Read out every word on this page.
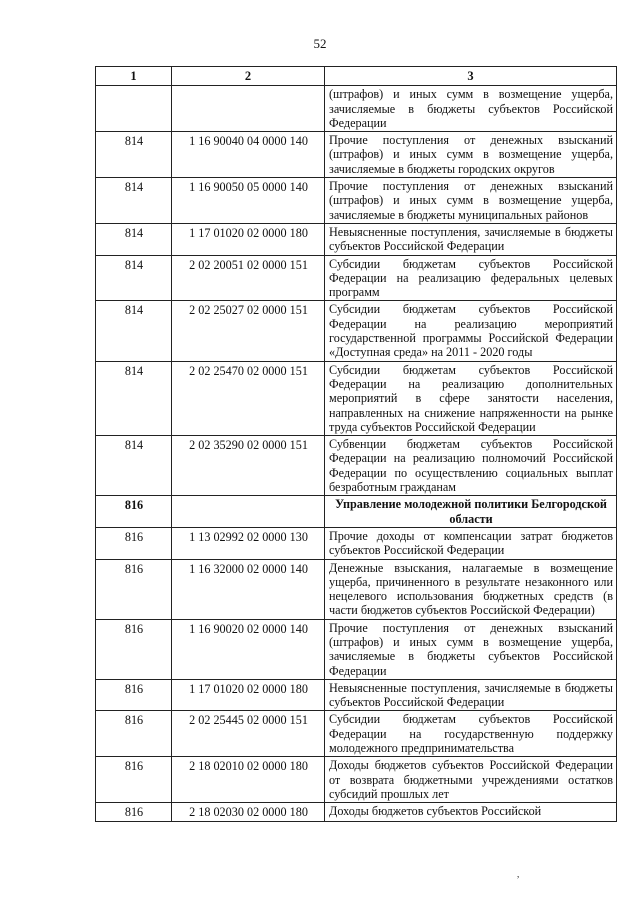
52
1	2	3
		(штрафов) и иных сумм в возмещение ущерба, зачисляемые в бюджеты субъектов Российской Федерации
814	1 16 90040 04 0000 140	Прочие поступления от денежных взысканий (штрафов) и иных сумм в возмещение ущерба, зачисляемые в бюджеты городских округов
814	1 16 90050 05 0000 140	Прочие поступления от денежных взысканий (штрафов) и иных сумм в возмещение ущерба, зачисляемые в бюджеты муниципальных районов
814	1 17 01020 02 0000 180	Невыясненные поступления, зачисляемые в бюджеты субъектов Российской Федерации
814	2 02 20051 02 0000 151	Субсидии бюджетам субъектов Российской Федерации на реализацию федеральных целевых программ
814	2 02 25027 02 0000 151	Субсидии бюджетам субъектов Российской Федерации на реализацию мероприятий государственной программы Российской Федерации «Доступная среда» на 2011 - 2020 годы
814	2 02 25470 02 0000 151	Субсидии бюджетам субъектов Российской Федерации на реализацию дополнительных мероприятий в сфере занятости населения, направленных на снижение напряженности на рынке труда субъектов Российской Федерации
814	2 02 35290 02 0000 151	Субвенции бюджетам субъектов Российской Федерации на реализацию полномочий Российской Федерации по осуществлению социальных выплат безработным гражданам
816		Управление молодежной политики Белгородской области
816	1 13 02992 02 0000 130	Прочие доходы от компенсации затрат бюджетов субъектов Российской Федерации
816	1 16 32000 02 0000 140	Денежные взыскания, налагаемые в возмещение ущерба, причиненного в результате незаконного или нецелевого использования бюджетных средств (в части бюджетов субъектов Российской Федерации)
816	1 16 90020 02 0000 140	Прочие поступления от денежных взысканий (штрафов) и иных сумм в возмещение ущерба, зачисляемые в бюджеты субъектов Российской Федерации
816	1 17 01020 02 0000 180	Невыясненные поступления, зачисляемые в бюджеты субъектов Российской Федерации
816	2 02 25445 02 0000 151	Субсидии бюджетам субъектов Российской Федерации на государственную поддержку молодежного предпринимательства
816	2 18 02010 02 0000 180	Доходы бюджетов субъектов Российской Федерации от возврата бюджетными учреждениями остатков субсидий прошлых лет
816	2 18 02030 02 0000 180	Доходы бюджетов субъектов Российской
,
